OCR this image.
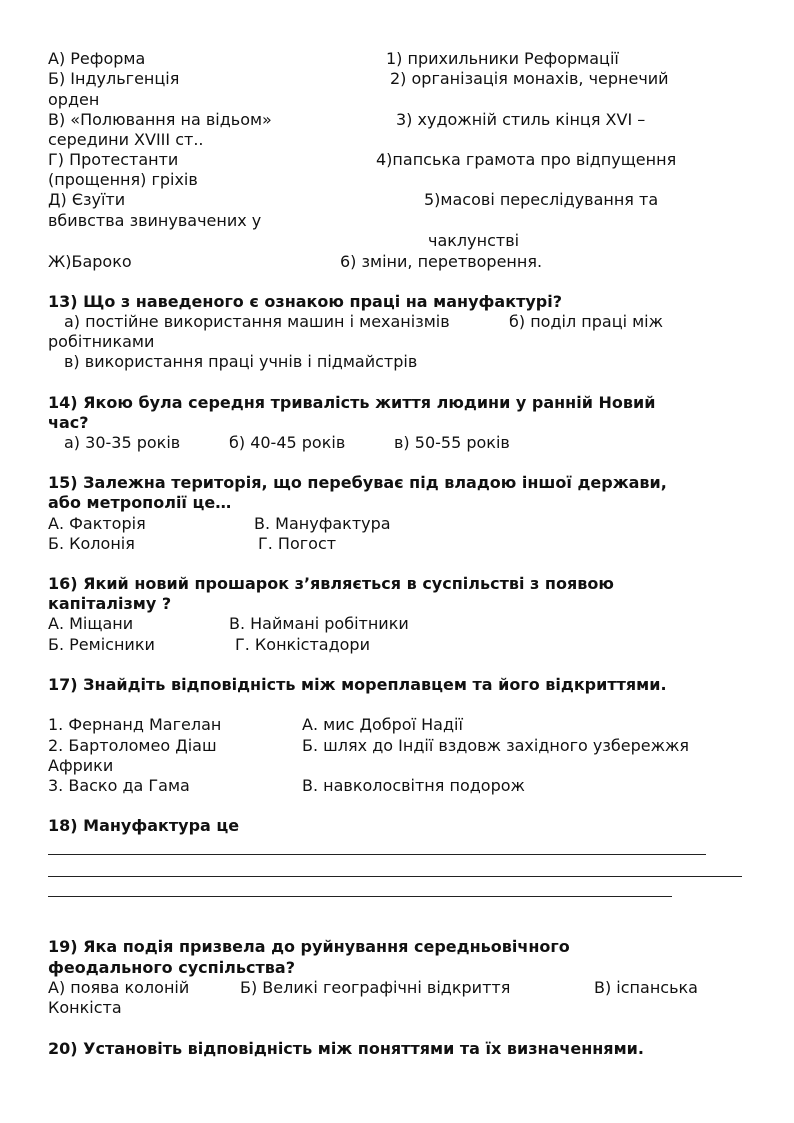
А) Реформа	1) прихильники Реформації
Б) Індульгенція	2) організація монахів, чернечий
орден
В) «Полювання на відьом»	3) художній стиль кінця XVI –
середини XVIII ст..
Г) Протестанти	4)папська грамота про відпущення
(прощення) гріхів
Д) Єзуїти	5)масові переслідування та
вбивства звинувачених у
чаклунстві
Ж)Бароко	6) зміни, перетворення.
13) Що з наведеного є ознакою праці на мануфактурі?
а) постійне використання машин і механізмів	б) поділ праці між
робітниками
в) використання праці учнів і підмайстрів
14) Якою була середня тривалість життя людини у ранній Новий
час?
а) 30-35 років	б) 40-45 років	в) 50-55 років
15) Залежна територія, що перебуває під владою іншої держави,
або метрополії це…
А. Факторія	В. Мануфактура
Б. Колонія	Г. Погост
16) Який новий прошарок з’являється в суспільстві з появою
капіталізму ?
А. Міщани	В. Наймані робітники
Б. Ремісники	Г. Конкістадори
17) Знайдіть відповідність між мореплавцем та його відкриттями.
1. Фернанд Магелан	А. мис Доброї Надії
2. Бартоломео Діаш	Б. шлях до Індії вздовж західного узбережжя
Африки
3. Васко да Гама	В. навколосвітня подорож
18) Мануфактура це
19) Яка подія призвела до руйнування середньовічного
феодального суспільства?
А) поява колоній	Б) Великі географічні відкриття	В) іспанська
Конкіста
20) Установіть відповідність між поняттями та їх визначеннями.
